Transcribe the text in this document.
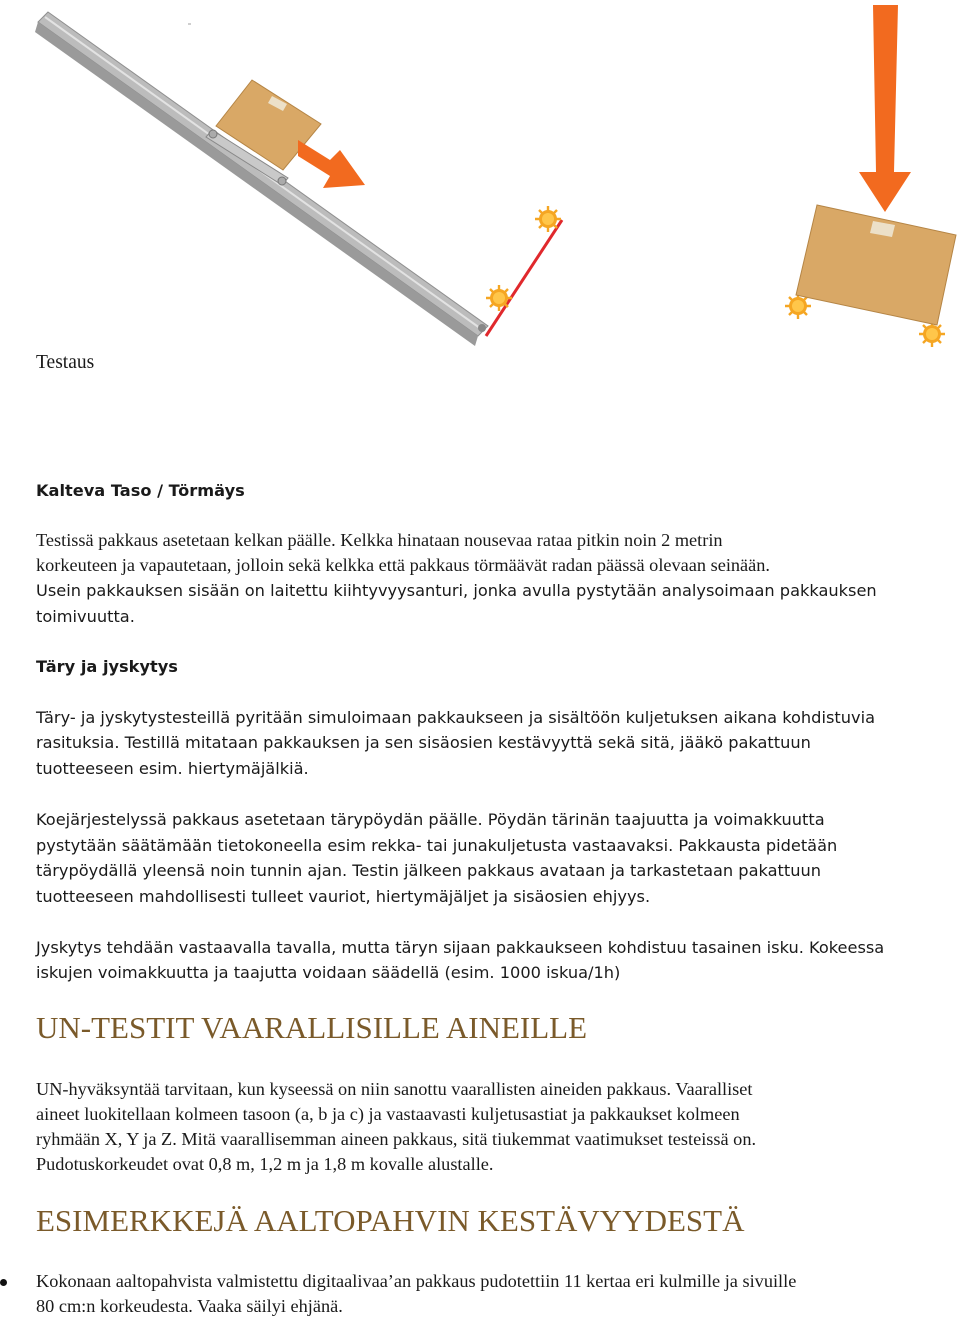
Testaus

Kalteva Taso / Törmäys

Testissä pakkaus asetetaan kelkan päälle. Kelkka hinataan nousevaa rataa pitkin noin 2 metrin

korkeuteen ja vapautetaan, jolloin sekä kelkka että pakkaus törmäävät radan päässä olevaan seinään.

Usein pakkauksen sisään on laitettu kiihtyvyysanturi, jonka avulla pystytään analysoimaan pakkauksen

toimivuutta.

Täry ja jyskytys

Täry- ja jyskytystesteillä pyritään simuloimaan pakkaukseen ja sisältöön kuljetuksen aikana kohdistuvia

rasituksia. Testillä mitataan pakkauksen ja sen sisäosien kestävyyttä sekä sitä, jääkö pakattuun

tuotteeseen esim. hiertymäjälkiä.

Koejärjestelyssä pakkaus asetetaan tärypöydän päälle. Pöydän tärinän taajuutta ja voimakkuutta

pystytään säätämään tietokoneella esim rekka- tai junakuljetusta vastaavaksi. Pakkausta pidetään

tärypöydällä yleensä noin tunnin ajan. Testin jälkeen pakkaus avataan ja tarkastetaan pakattuun

tuotteeseen mahdollisesti tulleet vauriot, hiertymäjäljet ja sisäosien ehjyys.

Jyskytys tehdään vastaavalla tavalla, mutta täryn sijaan pakkaukseen kohdistuu tasainen isku. Kokeessa

iskujen voimakkuutta ja taajutta voidaan säädellä (esim. 1000 iskua/1h)

UN-TESTIT VAARALLISILLE AINEILLE

UN-hyväksyntää tarvitaan, kun kyseessä on niin sanottu vaarallisten aineiden pakkaus. Vaaralliset

aineet luokitellaan kolmeen tasoon (a, b ja c) ja vastaavasti kuljetusastiat ja pakkaukset kolmeen

ryhmään X, Y ja Z. Mitä vaarallisemman aineen pakkaus, sitä tiukemmat vaatimukset testeissä on.

Pudotuskorkeudet ovat 0,8 m, 1,2 m ja 1,8 m kovalle alustalle.

ESIMERKKEJÄ AALTOPAHVIN KESTÄVYYDESTÄ

Kokonaan aaltopahvista valmistettu digitaalivaa’an pakkaus pudotettiin 11 kertaa eri kulmille ja sivuille

80 cm:n korkeudesta. Vaaka säilyi ehjänä.
